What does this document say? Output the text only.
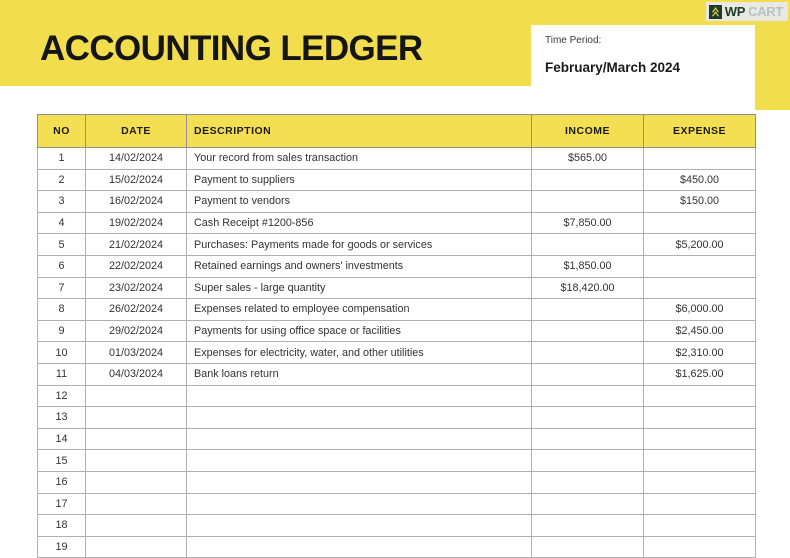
ACCOUNTING LEDGER	Time Period:
February/March 2024
WP CART
NO	DATE	DESCRIPTION	INCOME	EXPENSE
1	14/02/2024	Your record from sales transaction	$565.00	
2	15/02/2024	Payment to suppliers		$450.00
3	16/02/2024	Payment to vendors		$150.00
4	19/02/2024	Cash Receipt #1200-856	$7,850.00	
5	21/02/2024	Purchases: Payments made for goods or services		$5,200.00
6	22/02/2024	Retained earnings and owners' investments	$1,850.00	
7	23/02/2024	Super sales - large quantity	$18,420.00	
8	26/02/2024	Expenses related to employee compensation		$6,000.00
9	29/02/2024	Payments for using office space or facilities		$2,450.00
10	01/03/2024	Expenses for electricity, water, and other utilities		$2,310.00
11	04/03/2024	Bank loans return		$1,625.00
12				
13				
14				
15				
16				
17				
18				
19				
